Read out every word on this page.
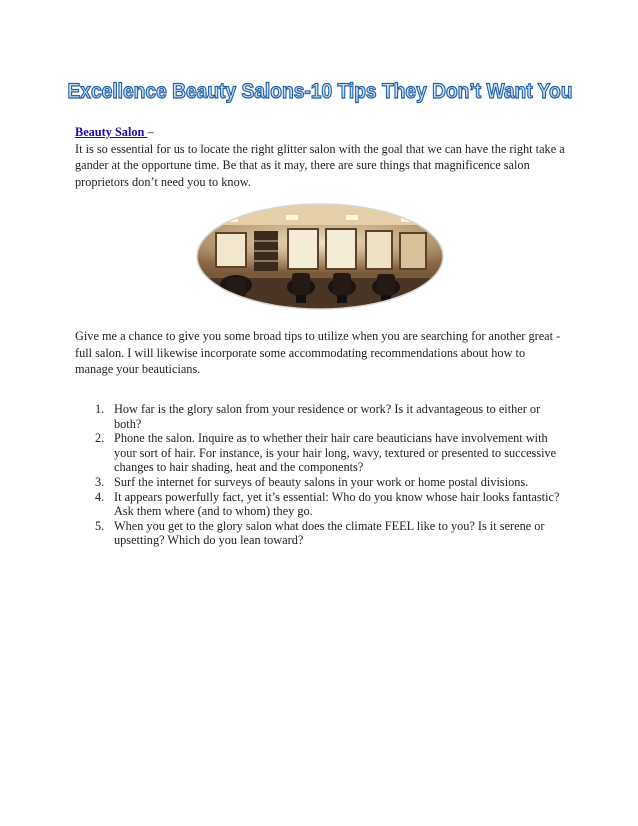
Excellence Beauty Salons-10 Tips They Don’t Want You

Beauty Salon –
It is so essential for us to locate the right glitter salon with the goal that we can have the right take a gander at the opportune time. Be that as it may, there are sure things that magnificence salon proprietors don’t need you to know.

Give me a chance to give you some broad tips to utilize when you are searching for another great - full salon. I will likewise incorporate some accommodating recommendations about how to manage your beauticians.

1. How far is the glory salon from your residence or work? Is it advantageous to either or both?
2. Phone the salon. Inquire as to whether their hair care beauticians have involvement with your sort of hair. For instance, is your hair long, wavy, textured or presented to successive changes to hair shading, heat and the components?
3. Surf the internet for surveys of beauty salons in your work or home postal divisions.
4. It appears powerfully fact, yet it’s essential: Who do you know whose hair looks fantastic? Ask them where (and to whom) they go.
5. When you get to the glory salon what does the climate FEEL like to you? Is it serene or upsetting? Which do you lean toward?
